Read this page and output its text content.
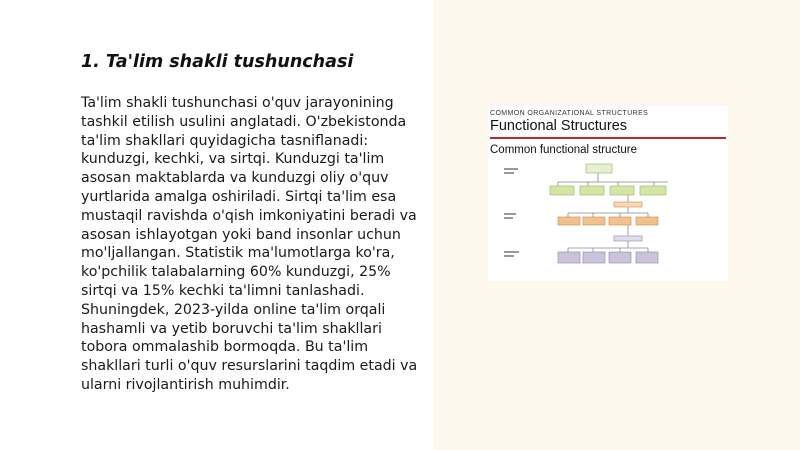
1. Ta'lim shakli tushunchasi

Ta'lim shakli tushunchasi o'quv jarayonining tashkil etilish usulini anglatadi. O'zbekistonda ta'lim shakllari quyidagicha tasniflanadi: kunduzgi, kechki, va sirtqi. Kunduzgi ta'lim asosan maktablarda va kunduzgi oliy o'quv yurtlarida amalga oshiriladi. Sirtqi ta'lim esa mustaqil ravishda o'qish imkoniyatini beradi va asosan ishlayotgan yoki band insonlar uchun mo'ljallangan. Statistik ma'lumotlarga ko'ra, ko'pchilik talabalarning 60% kunduzgi, 25% sirtqi va 15% kechki ta'limni tanlashadi. Shuningdek, 2023-yilda online ta'lim orqali hashamli va yetib boruvchi ta'lim shakllari tobora ommalashib bormoqda. Bu ta'lim shakllari turli o'quv resurslarini taqdim etadi va ularni rivojlantirish muhimdir.

COMMON ORGANIZATIONAL STRUCTURES
Functional Structures
Common functional structure
